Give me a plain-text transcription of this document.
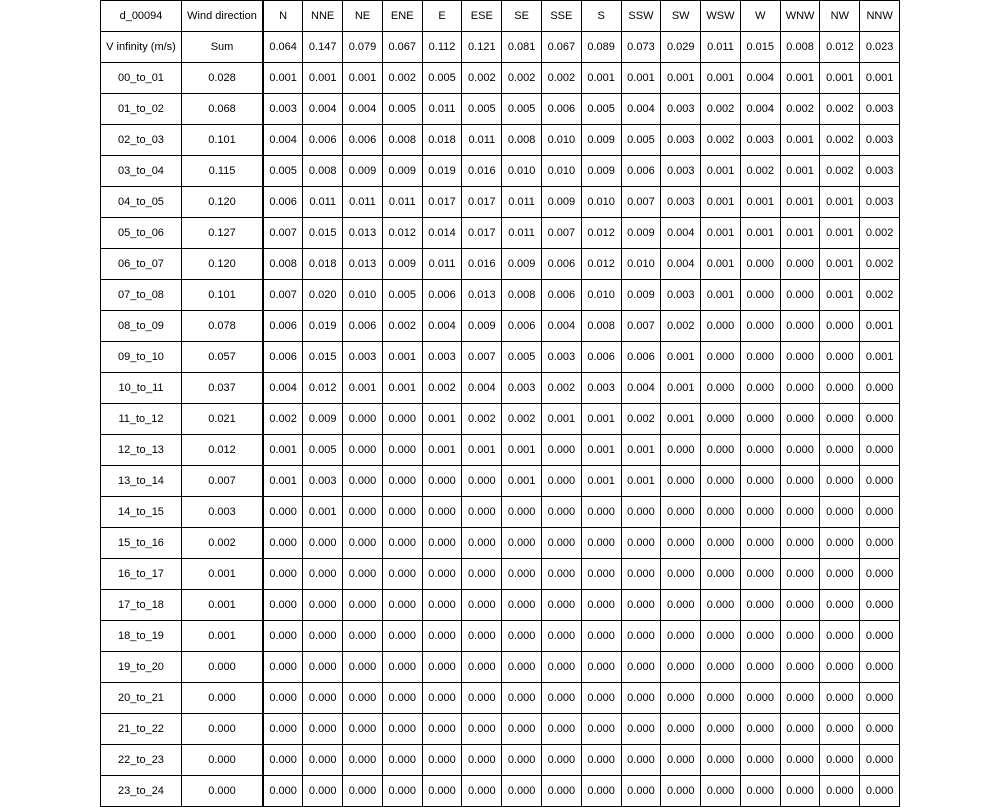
d_00094	Wind direction	N	NNE	NE	ENE	E	ESE	SE	SSE	S	SSW	SW	WSW	W	WNW	NW	NNW
V infinity (m/s)	Sum	0.064	0.147	0.079	0.067	0.112	0.121	0.081	0.067	0.089	0.073	0.029	0.011	0.015	0.008	0.012	0.023
00_to_01	0.028	0.001	0.001	0.001	0.002	0.005	0.002	0.002	0.002	0.001	0.001	0.001	0.001	0.004	0.001	0.001	0.001
01_to_02	0.068	0.003	0.004	0.004	0.005	0.011	0.005	0.005	0.006	0.005	0.004	0.003	0.002	0.004	0.002	0.002	0.003
02_to_03	0.101	0.004	0.006	0.006	0.008	0.018	0.011	0.008	0.010	0.009	0.005	0.003	0.002	0.003	0.001	0.002	0.003
03_to_04	0.115	0.005	0.008	0.009	0.009	0.019	0.016	0.010	0.010	0.009	0.006	0.003	0.001	0.002	0.001	0.002	0.003
04_to_05	0.120	0.006	0.011	0.011	0.011	0.017	0.017	0.011	0.009	0.010	0.007	0.003	0.001	0.001	0.001	0.001	0.003
05_to_06	0.127	0.007	0.015	0.013	0.012	0.014	0.017	0.011	0.007	0.012	0.009	0.004	0.001	0.001	0.001	0.001	0.002
06_to_07	0.120	0.008	0.018	0.013	0.009	0.011	0.016	0.009	0.006	0.012	0.010	0.004	0.001	0.000	0.000	0.001	0.002
07_to_08	0.101	0.007	0.020	0.010	0.005	0.006	0.013	0.008	0.006	0.010	0.009	0.003	0.001	0.000	0.000	0.001	0.002
08_to_09	0.078	0.006	0.019	0.006	0.002	0.004	0.009	0.006	0.004	0.008	0.007	0.002	0.000	0.000	0.000	0.000	0.001
09_to_10	0.057	0.006	0.015	0.003	0.001	0.003	0.007	0.005	0.003	0.006	0.006	0.001	0.000	0.000	0.000	0.000	0.001
10_to_11	0.037	0.004	0.012	0.001	0.001	0.002	0.004	0.003	0.002	0.003	0.004	0.001	0.000	0.000	0.000	0.000	0.000
11_to_12	0.021	0.002	0.009	0.000	0.000	0.001	0.002	0.002	0.001	0.001	0.002	0.001	0.000	0.000	0.000	0.000	0.000
12_to_13	0.012	0.001	0.005	0.000	0.000	0.001	0.001	0.001	0.000	0.001	0.001	0.000	0.000	0.000	0.000	0.000	0.000
13_to_14	0.007	0.001	0.003	0.000	0.000	0.000	0.000	0.001	0.000	0.001	0.001	0.000	0.000	0.000	0.000	0.000	0.000
14_to_15	0.003	0.000	0.001	0.000	0.000	0.000	0.000	0.000	0.000	0.000	0.000	0.000	0.000	0.000	0.000	0.000	0.000
15_to_16	0.002	0.000	0.000	0.000	0.000	0.000	0.000	0.000	0.000	0.000	0.000	0.000	0.000	0.000	0.000	0.000	0.000
16_to_17	0.001	0.000	0.000	0.000	0.000	0.000	0.000	0.000	0.000	0.000	0.000	0.000	0.000	0.000	0.000	0.000	0.000
17_to_18	0.001	0.000	0.000	0.000	0.000	0.000	0.000	0.000	0.000	0.000	0.000	0.000	0.000	0.000	0.000	0.000	0.000
18_to_19	0.001	0.000	0.000	0.000	0.000	0.000	0.000	0.000	0.000	0.000	0.000	0.000	0.000	0.000	0.000	0.000	0.000
19_to_20	0.000	0.000	0.000	0.000	0.000	0.000	0.000	0.000	0.000	0.000	0.000	0.000	0.000	0.000	0.000	0.000	0.000
20_to_21	0.000	0.000	0.000	0.000	0.000	0.000	0.000	0.000	0.000	0.000	0.000	0.000	0.000	0.000	0.000	0.000	0.000
21_to_22	0.000	0.000	0.000	0.000	0.000	0.000	0.000	0.000	0.000	0.000	0.000	0.000	0.000	0.000	0.000	0.000	0.000
22_to_23	0.000	0.000	0.000	0.000	0.000	0.000	0.000	0.000	0.000	0.000	0.000	0.000	0.000	0.000	0.000	0.000	0.000
23_to_24	0.000	0.000	0.000	0.000	0.000	0.000	0.000	0.000	0.000	0.000	0.000	0.000	0.000	0.000	0.000	0.000	0.000
